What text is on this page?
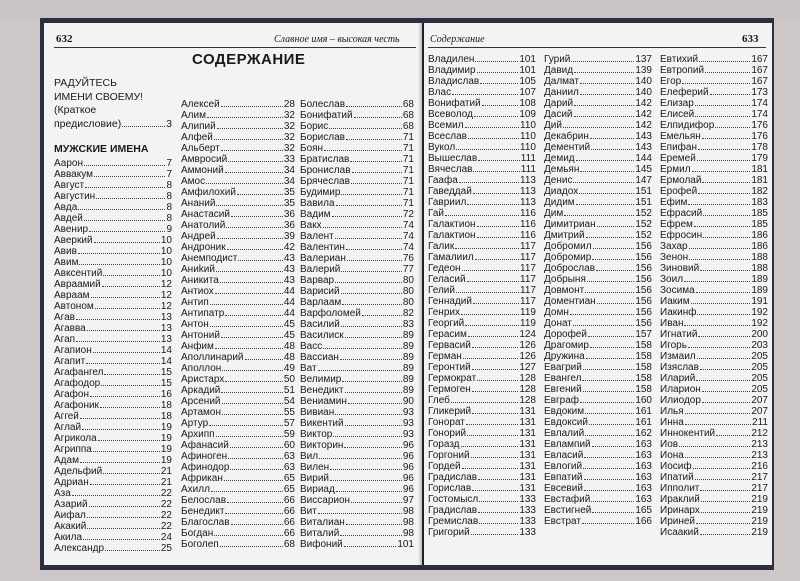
632	Славное имя – высокая честь
СОДЕРЖАНИЕ
РАДУЙТЕСЬ
ИМЕНИ СВОЕМУ!
(Краткое
предисловие)	3
МУЖСКИЕ ИМЕНА
Аарон	7
Аввакум	7
Август	8
Августин	8
Авда	8
Авдей	8
Авенир	9
Аверкий	10
Авив	10
Авим	10
Авксентий	10
Авраамий	12
Авраам	12
Автоном	12
Агав	13
Агавва	13
Агап	13
Агапион	14
Агапит	14
Агафангел	15
Агафодор	15
Агафон	16
Агафоник	18
Аггей	18
Аглай	19
Агрикола	19
Агриппа	19
Адам	19
Адельфий	21
Адриан	21
Аза	22
Азарий	22
Аифал	22
Акакий	22
Акила	24
Александр	25
Алексей	28
Алим	32
Алипий	32
Алфей	32
Альберт	32
Амвросий	33
Аммоний	34
Амос	34
Амфилохий	35
Ананий	35
Анастасий	36
Анатолий	36
Андрей	39
Андроник	42
Анемподист	43
Аниkий	43
Аникита	43
Антиох	44
Антип	44
Антипатр	44
Антон	45
Антоний	45
Анфим	48
Аполлинарий	48
Аполлон	49
Аристарх	50
Аркадий	51
Арсений	54
Артамон	55
Артур	57
Архипп	59
Афанасий	60
Афиноген	63
Афинодор	63
Африкан	65
Ахилл	65
Белослав	66
Бенедикт	66
Благослав	66
Богдан	66
Боголеп	68
Болеслав	68
Бонифатий	68
Борис	68
Борислав	71
Боян	71
Братислав	71
Бронислав	71
Брячеслав	71
Будимир	71
Вавила	71
Вадим	72
Вакх	74
Валент	74
Валентин	74
Валериан	76
Валерий	77
Варвар	80
Варисий	80
Варлаам	80
Варфоломей	82
Василий	83
Василиск	89
Васс	89
Вассиан	89
Ват	89
Велимир	89
Венедикт	89
Вениамин	90
Вивиан	93
Викентий	93
Виктор	93
Викторин	96
Вил	96
Вилен	96
Вирий	96
Вириад	96
Виссарион	97
Вит	98
Виталиан	98
Виталий	98
Вифоний	101
Содержание	633
Владилен	101
Владимир	101
Владислав	105
Влас	107
Вонифатий	108
Всеволод	109
Всемил	110
Всеслав	110
Вукол	110
Вышеслав	111
Вячеслав	111
Гаафа	113
Гаведдай	113
Гавриил	113
Гай	116
Галактион	116
Галактион	116
Галик	117
Гамалиил	117
Гедеон	117
Геласий	117
Гелий	117
Геннадий	117
Генрих	119
Георгий	119
Герасим	124
Гервасий	126
Герман	126
Геронтий	127
Гермократ	128
Гермоген	128
Глеб	128
Гликерий	131
Гонорат	131
Гонорий	131
Горазд	131
Горгоний	131
Гордей	131
Градислав	131
Горислав	131
Гостомысл	133
Градислав	133
Гремислав	133
Григорий	133
Гурий	137
Давид	139
Далмат	140
Даниил	140
Дарий	142
Дасий	142
Дий	142
Декабрин	143
Дементий	143
Демид	144
Демьян	145
Денис	147
Диадох	151
Дидим	151
Дим	152
Димитриан	152
Дмитрий	152
Добромил	156
Добромир	156
Доброслав	156
Добрыня	156
Довмонт	156
Доментиан	156
Домн	156
Донат	156
Дорофей	157
Драгомир	158
Дружина	158
Евагрий	158
Евангел	158
Евгений	158
Евграф	160
Евдоким	161
Евдоксий	161
Евлалий	162
Евлампий	163
Евласий	163
Евлогий	163
Евпатий	163
Евсевий	163
Евстафий	163
Евстигней	165
Евстрат	166
Евтихий	167
Евтропий	167
Егор	167
Елеферий	173
Елизар	174
Елисей	174
Елпидифор	176
Емельян	176
Епифан	178
Еремей	179
Ермил	181
Ермолай	181
Ерофей	182
Ефим	183
Ефрасий	185
Ефрем	185
Ефросин	186
Захар	186
Зенон	188
Зиновий	188
Зоил	189
Зосима	189
Иаким	191
Иакинф	192
Иван	192
Игнатий	200
Игорь	203
Измаил	205
Изяслав	205
Иларий	205
Иларион	205
Илиодор	207
Илья	207
Инна	211
Иннокентий	212
Иов	213
Иона	213
Иосиф	216
Ипатий	217
Ипполит	217
Ираклий	219
Иринарх	219
Ириней	219
Исаакий	219
